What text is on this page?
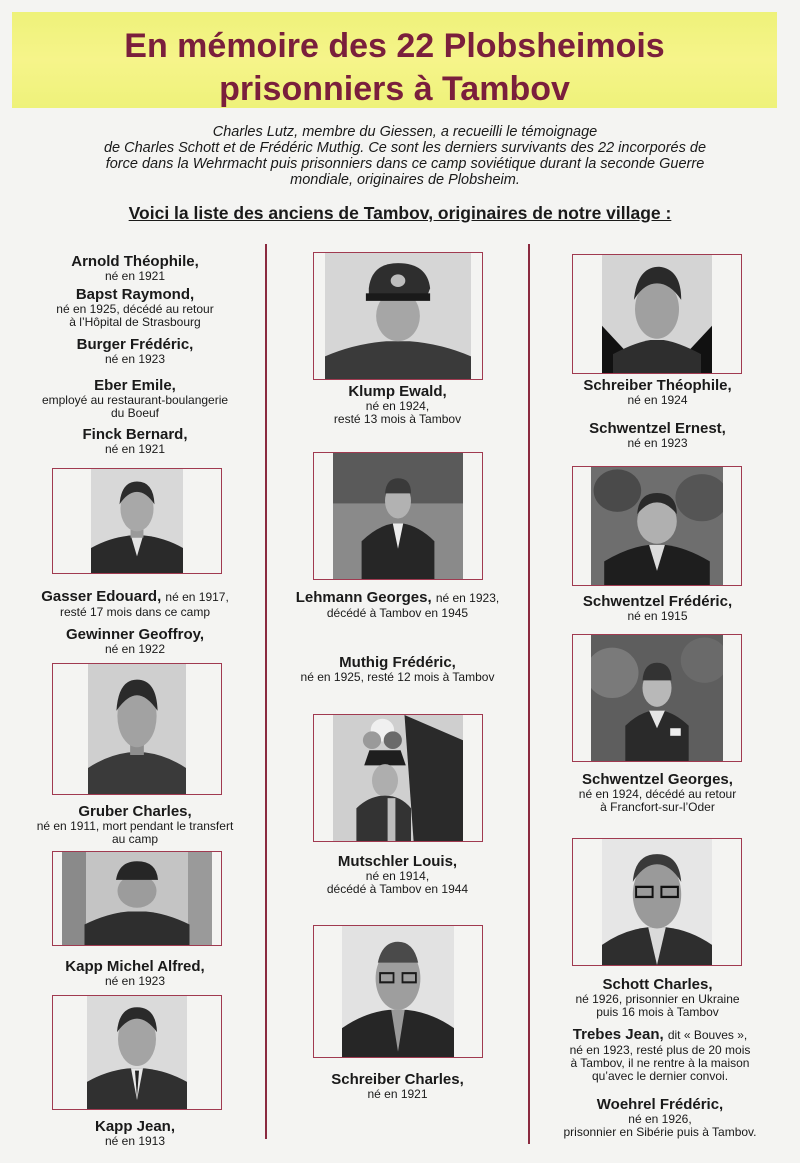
En mémoire des 22 Plobsheimois
prisonniers à Tambov
Charles Lutz, membre du Giessen, a recueilli le témoignage
de Charles Schott et de Frédéric Muthig. Ce sont les derniers survivants des 22 incorporés de
force dans la Wehrmacht puis prisonniers dans ce camp soviétique durant la seconde Guerre
mondiale, originaires de Plobsheim.
Voici la liste des anciens de Tambov, originaires de notre village :
Arnold Théophile,
né en 1921
Bapst Raymond,
né en 1925, décédé au retour
à l’Hôpital de Strasbourg
Burger Frédéric,
né en 1923
Eber Emile,
employé au restaurant-boulangerie
du Boeuf
Finck Bernard,
né en 1921
Gasser Edouard, né en 1917,
resté 17 mois dans ce camp
Gewinner Geoffroy,
né en 1922
Gruber Charles,
né en 1911, mort pendant le transfert
au camp
Kapp Michel Alfred,
né en 1923
Kapp Jean,
né en 1913
Klump Ewald,
né en 1924,
resté 13 mois à Tambov
Lehmann Georges, né en 1923,
décédé à Tambov en 1945
Muthig Frédéric,
né en 1925, resté 12 mois à Tambov
Mutschler Louis,
né en 1914,
décédé à Tambov en 1944
Schreiber Charles,
né en 1921
Schreiber Théophile,
né en 1924
Schwentzel Ernest,
né en 1923
Schwentzel Frédéric,
né en 1915
Schwentzel Georges,
né en 1924, décédé au retour
à Francfort-sur-l’Oder
Schott Charles,
né 1926, prisonnier en Ukraine
puis 16 mois à Tambov
Trebes Jean, dit « Bouves »,
né en 1923, resté plus de 20 mois
à Tambov, il ne rentre à la maison
qu’avec le dernier convoi.
Woehrel Frédéric,
né en 1926,
prisonnier en Sibérie puis à Tambov.
